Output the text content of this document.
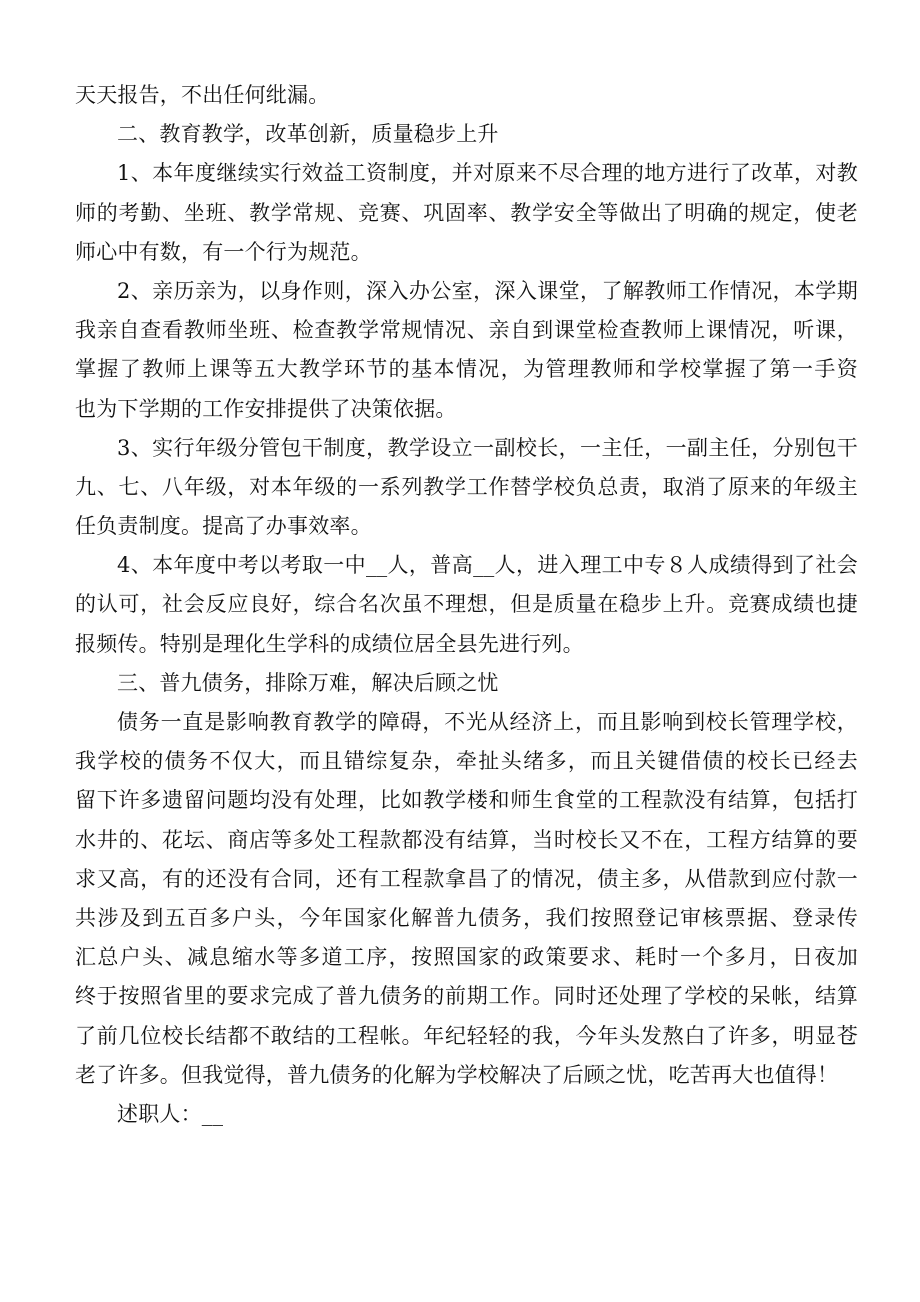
天天报告，不出任何纰漏。
二、教育教学，改革创新，质量稳步上升
1、本年度继续实行效益工资制度，并对原来不尽合理的地方进行了改革，对教
师的考勤、坐班、教学常规、竞赛、巩固率、教学安全等做出了明确的规定，使老
师心中有数，有一个行为规范。
2、亲历亲为，以身作则，深入办公室，深入课堂，了解教师工作情况，本学期
我亲自查看教师坐班、检查教学常规情况、亲自到课堂检查教师上课情况，听课，
掌握了教师上课等五大教学环节的基本情况，为管理教师和学校掌握了第一手资
也为下学期的工作安排提供了决策依据。
3、实行年级分管包干制度，教学设立一副校长，一主任，一副主任，分别包干
九、七、八年级，对本年级的一系列教学工作替学校负总责，取消了原来的年级主
任负责制度。提高了办事效率。
4、本年度中考以考取一中__人，普高__人，进入理工中专８人成绩得到了社会
的认可，社会反应良好，综合名次虽不理想，但是质量在稳步上升。竞赛成绩也捷
报频传。特别是理化生学科的成绩位居全县先进行列。
三、普九债务，排除万难，解决后顾之忧
债务一直是影响教育教学的障碍，不光从经济上，而且影响到校长管理学校，
我学校的债务不仅大，而且错综复杂，牵扯头绪多，而且关键借债的校长已经去
留下许多遗留问题均没有处理，比如教学楼和师生食堂的工程款没有结算，包括打
水井的、花坛、商店等多处工程款都没有结算，当时校长又不在，工程方结算的要
求又高，有的还没有合同，还有工程款拿昌了的情况，债主多，从借款到应付款一
共涉及到五百多户头，今年国家化解普九债务，我们按照登记审核票据、登录传
汇总户头、减息缩水等多道工序，按照国家的政策要求、耗时一个多月，日夜加
终于按照省里的要求完成了普九债务的前期工作。同时还处理了学校的呆帐，结算
了前几位校长结都不敢结的工程帐。年纪轻轻的我，今年头发熬白了许多，明显苍
老了许多。但我觉得，普九债务的化解为学校解决了后顾之忧，吃苦再大也值得！
述职人：__
